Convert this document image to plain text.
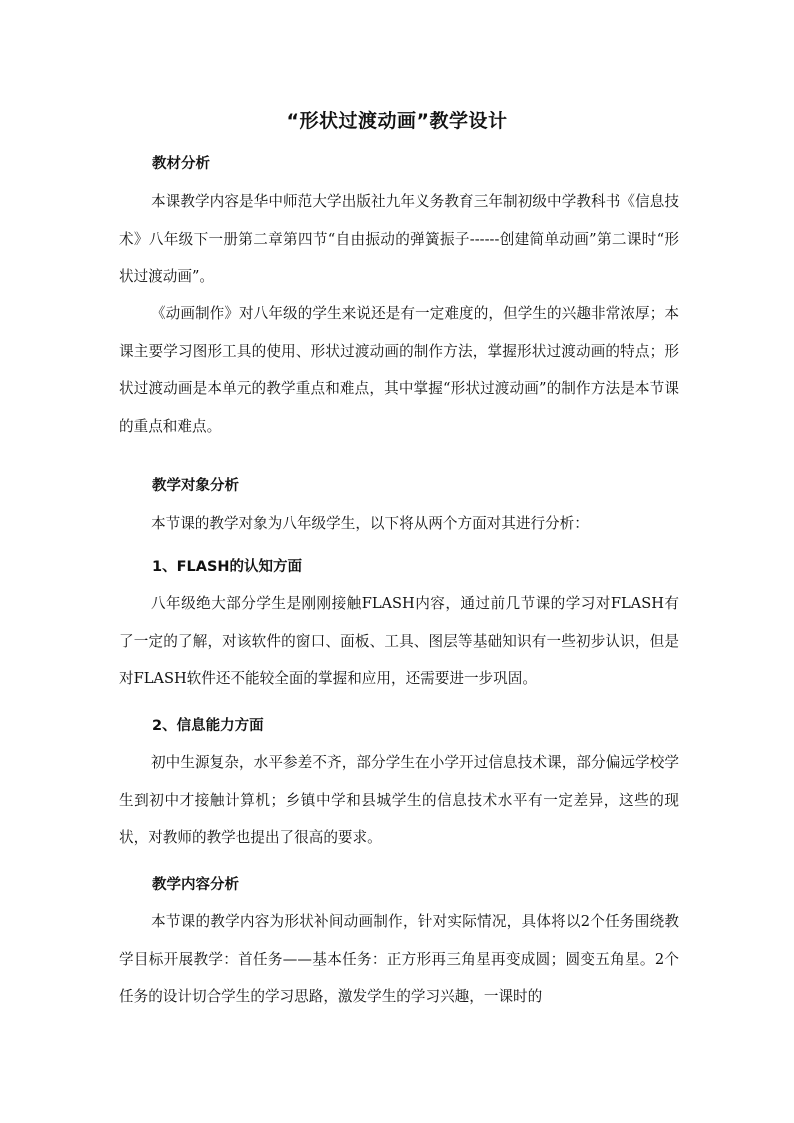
“形状过渡动画”教学设计
教材分析

本课教学内容是华中师范大学出版社九年义务教育三年制初级中学教科书《信息技术》八年级下一册第二章第四节“自由振动的弹簧振子------创建简单动画”第二课时“形状过渡动画”。

《动画制作》对八年级的学生来说还是有一定难度的，但学生的兴趣非常浓厚；本课主要学习图形工具的使用、形状过渡动画的制作方法，掌握形状过渡动画的特点；形状过渡动画是本单元的教学重点和难点，其中掌握“形状过渡动画”的制作方法是本节课的重点和难点。

教学对象分析

本节课的教学对象为八年级学生，以下将从两个方面对其进行分析：

1、FLASH的认知方面

八年级绝大部分学生是刚刚接触FLASH内容，通过前几节课的学习对FLASH有了一定的了解，对该软件的窗口、面板、工具、图层等基础知识有一些初步认识，但是对FLASH软件还不能较全面的掌握和应用，还需要进一步巩固。

2、信息能力方面

初中生源复杂，水平参差不齐，部分学生在小学开过信息技术课，部分偏远学校学生到初中才接触计算机；乡镇中学和县城学生的信息技术水平有一定差异，这些的现状，对教师的教学也提出了很高的要求。

教学内容分析

本节课的教学内容为形状补间动画制作，针对实际情况，具体将以2个任务围绕教学目标开展教学：首任务——基本任务：正方形再三角星再变成圆；圆变五角星。2个任务的设计切合学生的学习思路，激发学生的学习兴趣，一课时的
